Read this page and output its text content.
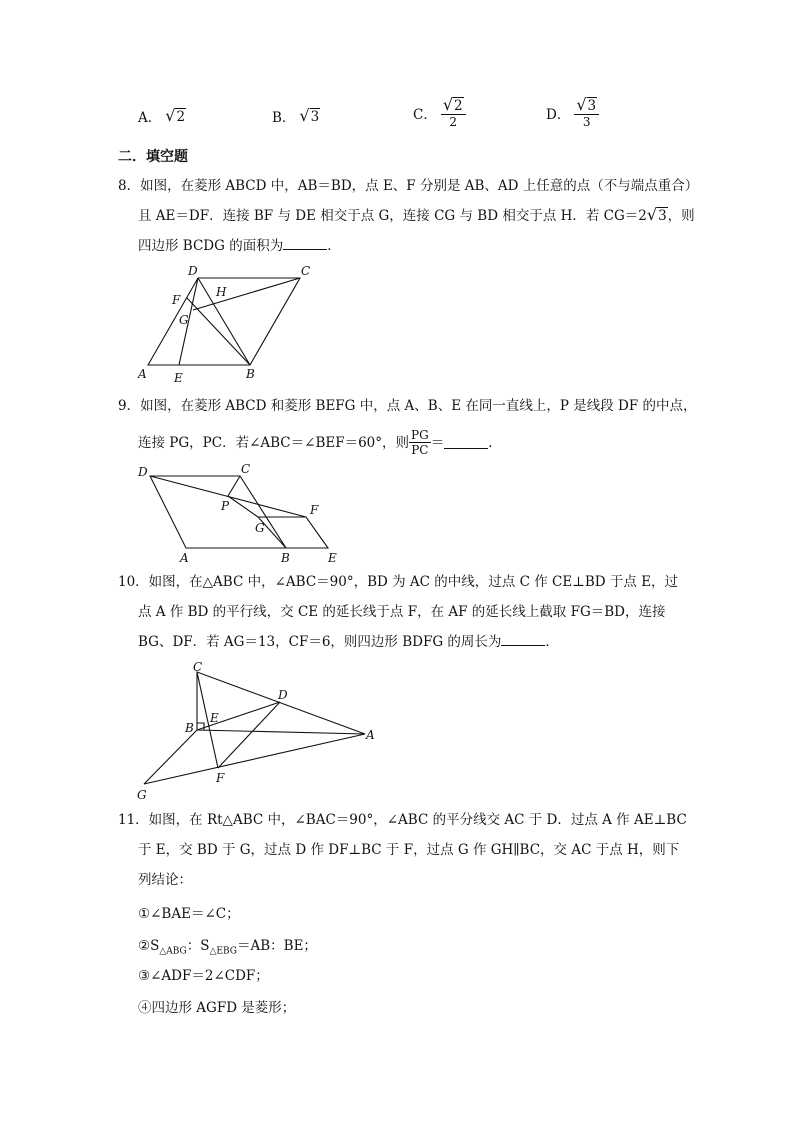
A． √ 2	B． √ 3	C． $\frac{√ 2}{2}$	D． $\frac{√ 3}{3}$
二．填空题
8．如图，在菱形 ABCD 中，AB＝BD，点 E、F 分别是 AB、AD 上任意的点（不与端点重合）
且 AE＝DF．连接 BF 与 DE 相交于点 G，连接 CG 与 BD 相交于点 H．若 CG＝2 √ 3 ，则
四边形 BCDG 的面积为	．
D	C
F
H
G
A E	B
9．如图，在菱形 ABCD 和菱形 BEFG 中，点 A、B、E 在同一直线上，P 是线段 DF 的中点，
连接 PG，PC．若∠ABC＝∠BEF＝60°，则 $\frac{PG}{PC}$ ＝	．
D	C
P	F
G
A	B	E
10．如图，在△ABC 中，∠ABC＝90°，BD 为 AC 的中线，过点 C 作 CE⊥BD 于点 E，过
点 A 作 BD 的平行线，交 CE 的延长线于点 F，在 AF 的延长线上截取 FG＝BD，连接
BG、DF．若 AG＝13，CF＝6，则四边形 BDFG 的周长为	．
C
D
B
E
A
F
G
11．如图，在 Rt△ABC 中，∠BAC＝90°，∠ABC 的平分线交 AC 于 D．过点 A 作 AE⊥BC
于 E，交 BD 于 G，过点 D 作 DF⊥BC 于 F，过点 G 作 GH∥BC，交 AC 于点 H，则下
列结论：
①∠BAE＝∠C；
$②S_{\triangle ABG}$：$S_{\triangle EBG}=AB$：BE；
③∠ADF＝2∠CDF；
④四边形 AGFD 是菱形；
